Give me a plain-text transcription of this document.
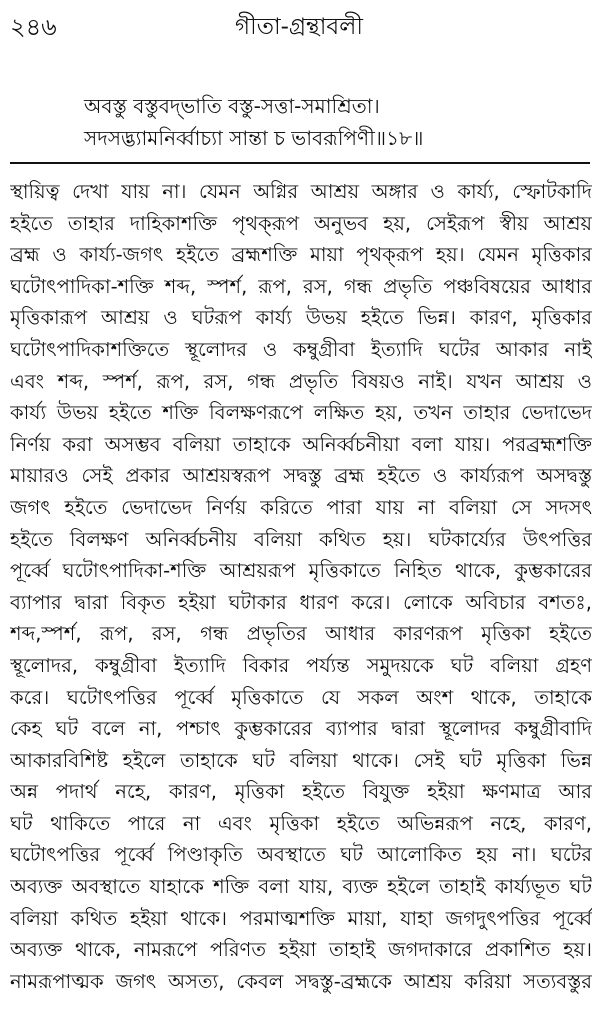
২৪৬	গীতা-গ্রন্থাবলী
অবস্তু বস্তুবদ্‌ভাতি বস্তু-সত্তা-সমাশ্রিতা।
সদসদ্ভ্যামনির্ব্বাচ্যা সান্তা চ ভাবরূপিণী॥১৮॥
স্থায়িত্ব দেখা যায় না। যেমন অগ্নির আশ্রয় অঙ্গার ও কার্য্য, স্ফোটকাদি
হইতে তাহার দাহিকাশক্তি পৃথক্‌রূপ অনুভব হয়, সেইরূপ স্বীয় আশ্রয়
ব্রহ্ম ও কার্য্য-জগৎ হইতে ব্রহ্মশক্তি মায়া পৃথক্‌রূপ হয়। যেমন মৃত্তিকার
ঘটোৎপাদিকা-শক্তি শব্দ, স্পর্শ, রূপ, রস, গন্ধ প্রভৃতি পঞ্চবিষয়ের আধার
মৃত্তিকারূপ আশ্রয় ও ঘটরূপ কার্য্য উভয় হইতে ভিন্ন। কারণ, মৃত্তিকার
ঘটোৎপাদিকাশক্তিতে স্থূলোদর ও কম্বুগ্রীবা ইত্যাদি ঘটের আকার নাই
এবং শব্দ, স্পর্শ, রূপ, রস, গন্ধ প্রভৃতি বিষয়ও নাই। যখন আশ্রয় ও
কার্য্য উভয় হইতে শক্তি বিলক্ষণরূপে লক্ষিত হয়, তখন তাহার ভেদাভেদ
নির্ণয় করা অসম্ভব বলিয়া তাহাকে অনির্ব্বচনীয়া বলা যায়। পরব্রহ্মশক্তি
মায়ারও সেই প্রকার আশ্রয়স্বরূপ সদ্বস্তু ব্রহ্ম হইতে ও কার্য্যরূপ অসদ্বস্তু
জগৎ হইতে ভেদাভেদ নির্ণয় করিতে পারা যায় না বলিয়া সে সদসৎ
হইতে বিলক্ষণ অনির্ব্বচনীয় বলিয়া কথিত হয়। ঘটকার্য্যের উৎপত্তির
পূর্ব্বে ঘটোৎপাদিকা-শক্তি আশ্রয়রূপ মৃত্তিকাতে নিহিত থাকে, কুম্ভকারের
ব্যাপার দ্বারা বিকৃত হইয়া ঘটাকার ধারণ করে। লোকে অবিচার বশতঃ,
শব্দ,স্পর্শ, রূপ, রস, গন্ধ প্রভৃতির আধার কারণরূপ মৃত্তিকা হইতে
স্থূলোদর, কম্বুগ্রীবা ইত্যাদি বিকার পর্য্যন্ত সমুদয়কে ঘট বলিয়া গ্রহণ
করে। ঘটোৎপত্তির পূর্ব্বে মৃত্তিকাতে যে সকল অংশ থাকে, তাহাকে
কেহ ঘট বলে না, পশ্চাৎ কুম্ভকারের ব্যাপার দ্বারা স্থূলোদর কম্বুগ্রীবাদি
আকারবিশিষ্ট হইলে তাহাকে ঘট বলিয়া থাকে। সেই ঘট মৃত্তিকা ভিন্ন
অন্ন পদার্থ নহে, কারণ, মৃত্তিকা হইতে বিযুক্ত হইয়া ক্ষণমাত্র আর
ঘট থাকিতে পারে না এবং মৃত্তিকা হইতে অভিন্নরূপ নহে, কারণ,
ঘটোৎপত্তির পূর্ব্বে পিণ্ডাকৃতি অবস্থাতে ঘট আলোকিত হয় না। ঘটের
অব্যক্ত অবস্থাতে যাহাকে শক্তি বলা যায়, ব্যক্ত হইলে তাহাই কার্য্যভূত ঘট
বলিয়া কথিত হইয়া থাকে। পরমাত্মশক্তি মায়া, যাহা জগদুৎপত্তির পূর্ব্বে
অব্যক্ত থাকে, নামরূপে পরিণত হইয়া তাহাই জগদাকারে প্রকাশিত হয়।
নামরূপাত্মক জগৎ অসত্য, কেবল সদ্বস্তু-ব্রহ্মকে আশ্রয় করিয়া সত্যবস্তুর
